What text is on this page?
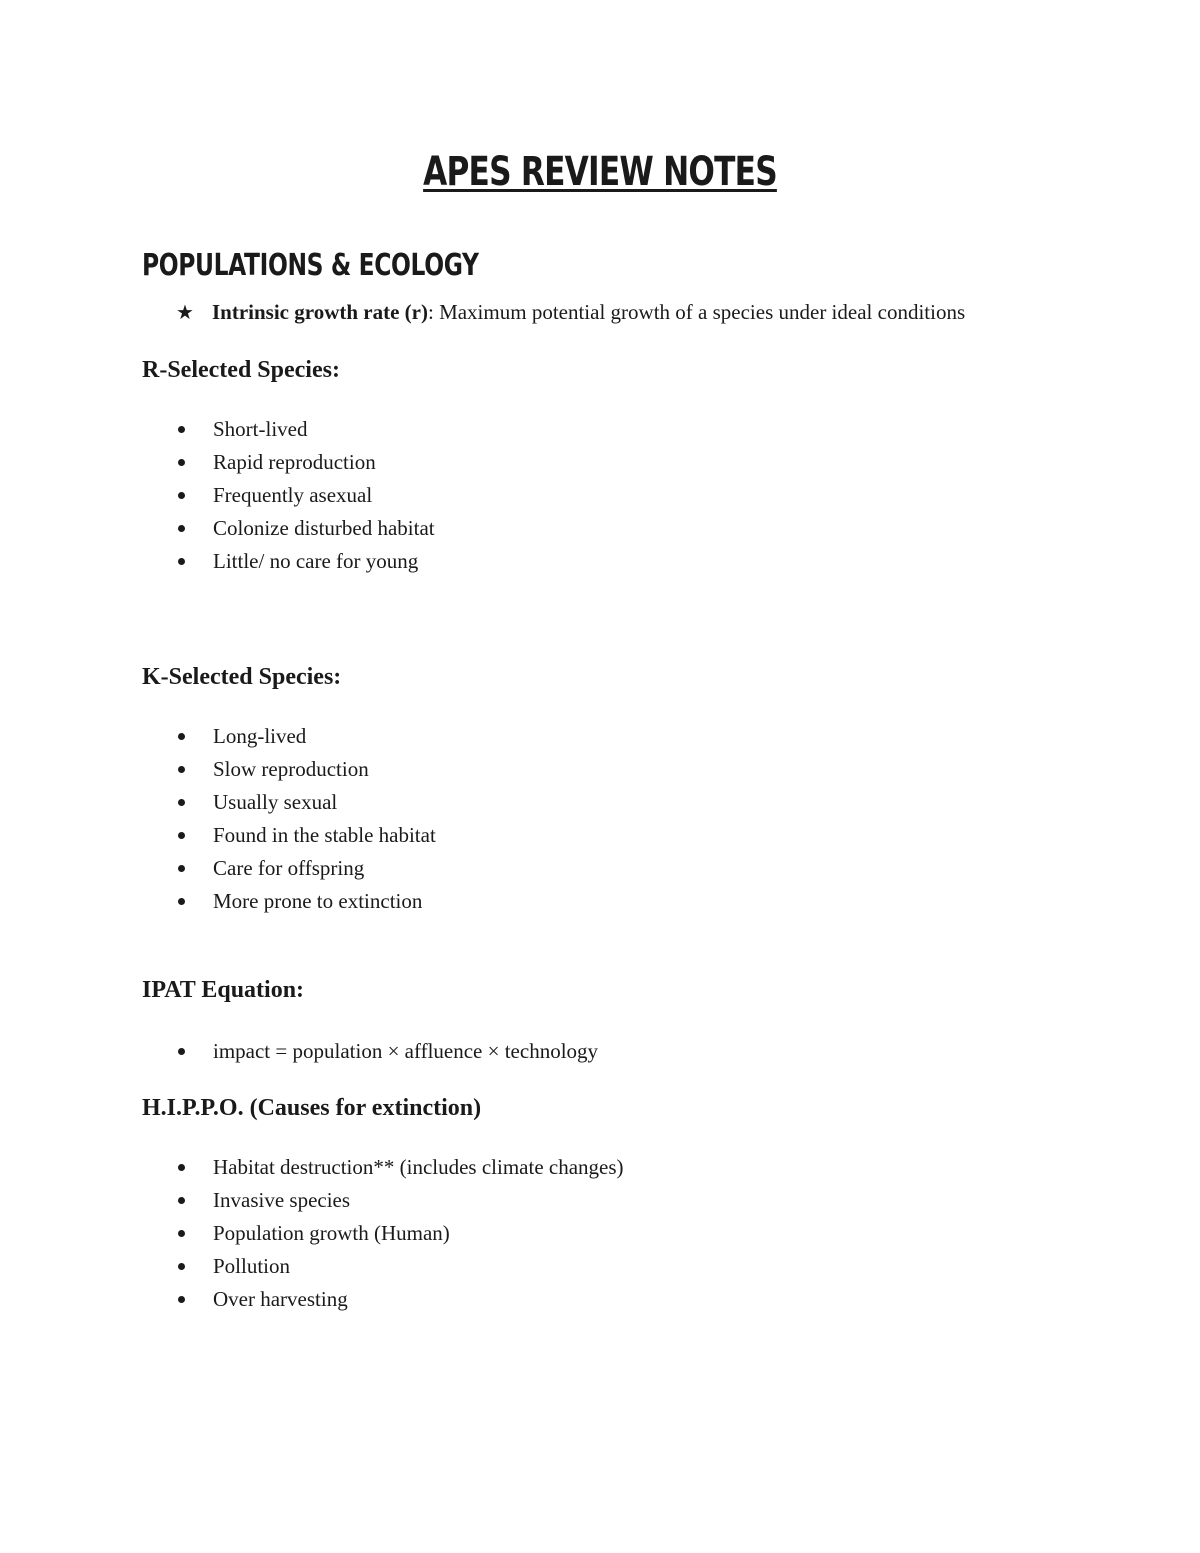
APES REVIEW NOTES
POPULATIONS & ECOLOGY
★ Intrinsic growth rate (r): Maximum potential growth of a species under ideal conditions
R-Selected Species:
Short-lived
Rapid reproduction
Frequently asexual
Colonize disturbed habitat
Little/ no care for young
K-Selected Species:
Long-lived
Slow reproduction
Usually sexual
Found in the stable habitat
Care for offspring
More prone to extinction
IPAT Equation:
impact = population × affluence × technology
H.I.P.P.O. (Causes for extinction)
Habitat destruction** (includes climate changes)
Invasive species
Population growth (Human)
Pollution
Over harvesting
